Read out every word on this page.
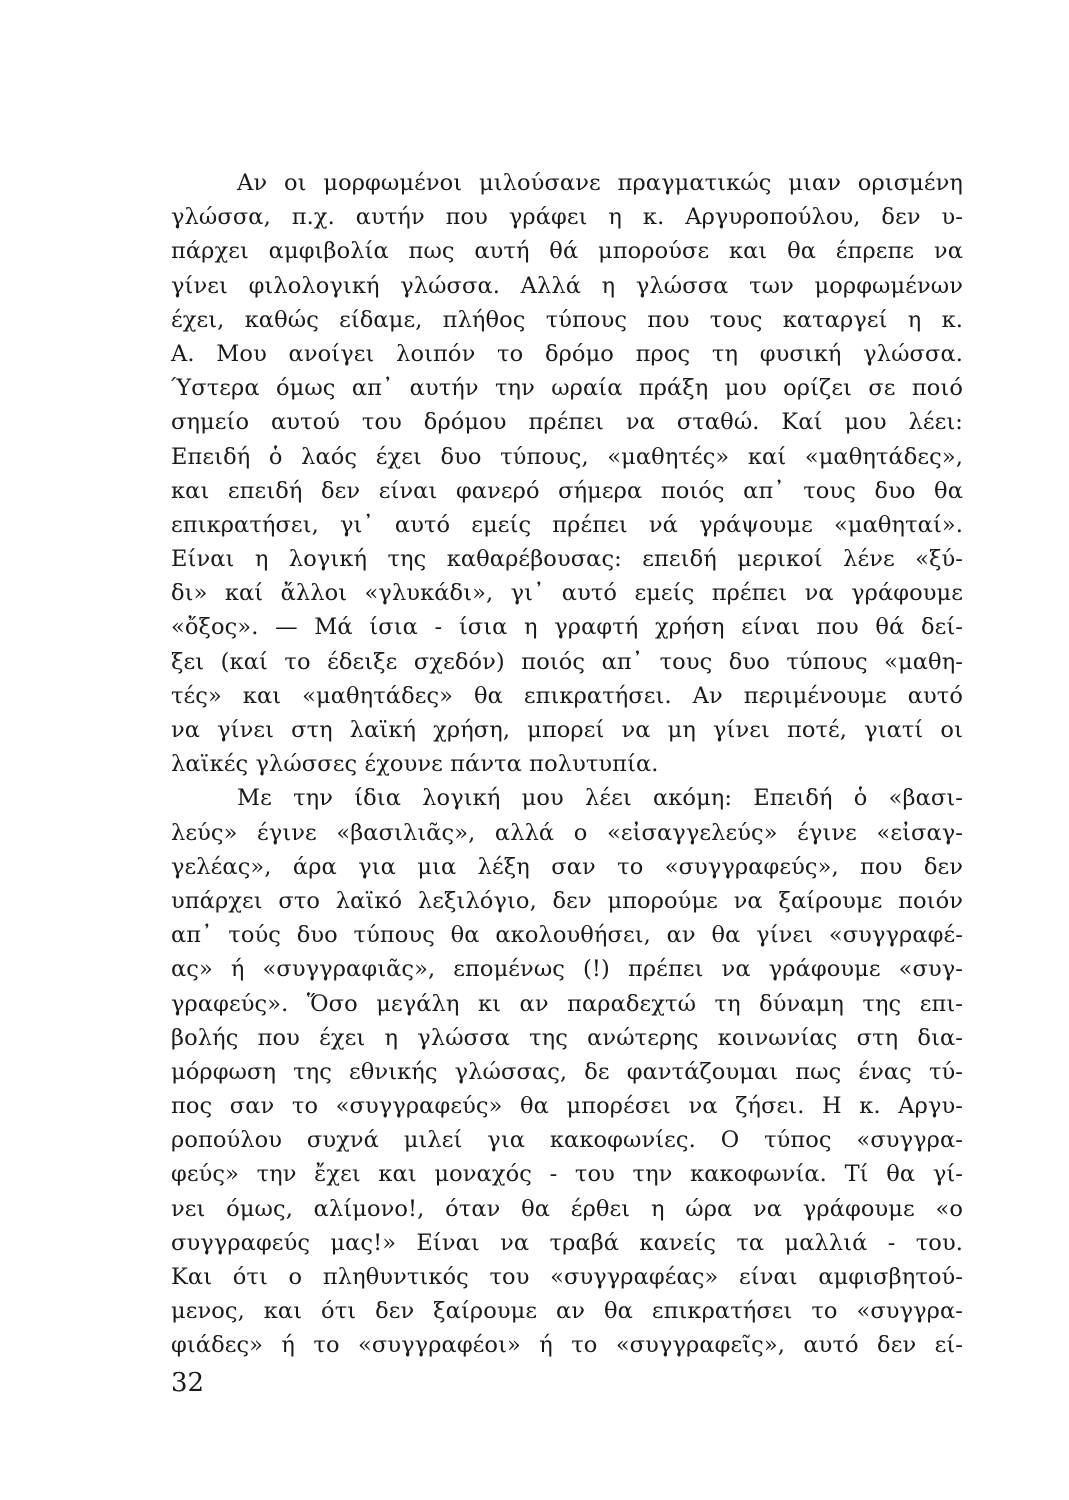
Αν οι μορφωμένοι μιλούσανε πραγματικώς μιαν ορισμένη
γλώσσα, π.χ. αυτήν που γράφει η κ. Αργυροπούλου, δεν υ-
πάρχει αμφιβολία πως αυτή θά μπορούσε και θα έπρεπε να
γίνει φιλολογική γλώσσα. Αλλά η γλώσσα των μορφωμένων
έχει, καθώς είδαμε, πλήθος τύπους που τους καταργεί η κ.
Α. Μου ανοίγει λοιπόν το δρόμο προς τη φυσική γλώσσα.
Ύστερα όμως απ᾽ αυτήν την ωραία πράξη μου ορίζει σε ποιό
σημείο αυτού του δρόμου πρέπει να σταθώ. Καί μου λέει:
Επειδή ὁ λαός έχει δυο τύπους, «μαθητές» καί «μαθητάδες»,
και επειδή δεν είναι φανερό σήμερα ποιός απ᾽ τους δυο θα
επικρατήσει, γι᾽ αυτό εμείς πρέπει νά γράψουμε «μαθηταί».
Είναι η λογική της καθαρέβουσας: επειδή μερικοί λένε «ξύ-
δι» καί ἄλλοι «γλυκάδι», γι᾽ αυτό εμείς πρέπει να γράφουμε
«ὄξος». — Μά ίσια - ίσια η γραφτή χρήση είναι που θά δεί-
ξει (καί το έδειξε σχεδόν) ποιός απ᾽ τους δυο τύπους «μαθη-
τές» και «μαθητάδες» θα επικρατήσει. Αν περιμένουμε αυτό
να γίνει στη λαϊκή χρήση, μπορεί να μη γίνει ποτέ, γιατί οι
λαϊκές γλώσσες έχουνε πάντα πολυτυπία.
Με την ίδια λογική μου λέει ακόμη: Επειδή ὁ «βασι-
λεύς» έγινε «βασιλιᾶς», αλλά ο «εἰσαγγελεύς» έγινε «εἰσαγ-
γελέας», άρα για μια λέξη σαν το «συγγραφεύς», που δεν
υπάρχει στο λαϊκό λεξιλόγιο, δεν μπορούμε να ξαίρουμε ποιόν
απ᾽ τούς δυο τύπους θα ακολουθήσει, αν θα γίνει «συγγραφέ-
ας» ή «συγγραφιᾶς», επομένως (!) πρέπει να γράφουμε «συγ-
γραφεύς». Ὅσο μεγάλη κι αν παραδεχτώ τη δύναμη της επι-
βολής που έχει η γλώσσα της ανώτερης κοινωνίας στη δια-
μόρφωση της εθνικής γλώσσας, δε φαντάζουμαι πως ένας τύ-
πος σαν το «συγγραφεύς» θα μπορέσει να ζήσει. Η κ. Αργυ-
ροπούλου συχνά μιλεί για κακοφωνίες. Ο τύπος «συγγρα-
φεύς» την ἔχει και μοναχός - του την κακοφωνία. Τί θα γί-
νει όμως, αλίμονο!, όταν θα έρθει η ώρα να γράφουμε «ο
συγγραφεύς μας!» Είναι να τραβά κανείς τα μαλλιά - του.
Και ότι ο πληθυντικός του «συγγραφέας» είναι αμφισβητού-
μενος, και ότι δεν ξαίρουμε αν θα επικρατήσει το «συγγρα-
φιάδες» ή το «συγγραφέοι» ή το «συγγραφεῖς», αυτό δεν εί-
32
